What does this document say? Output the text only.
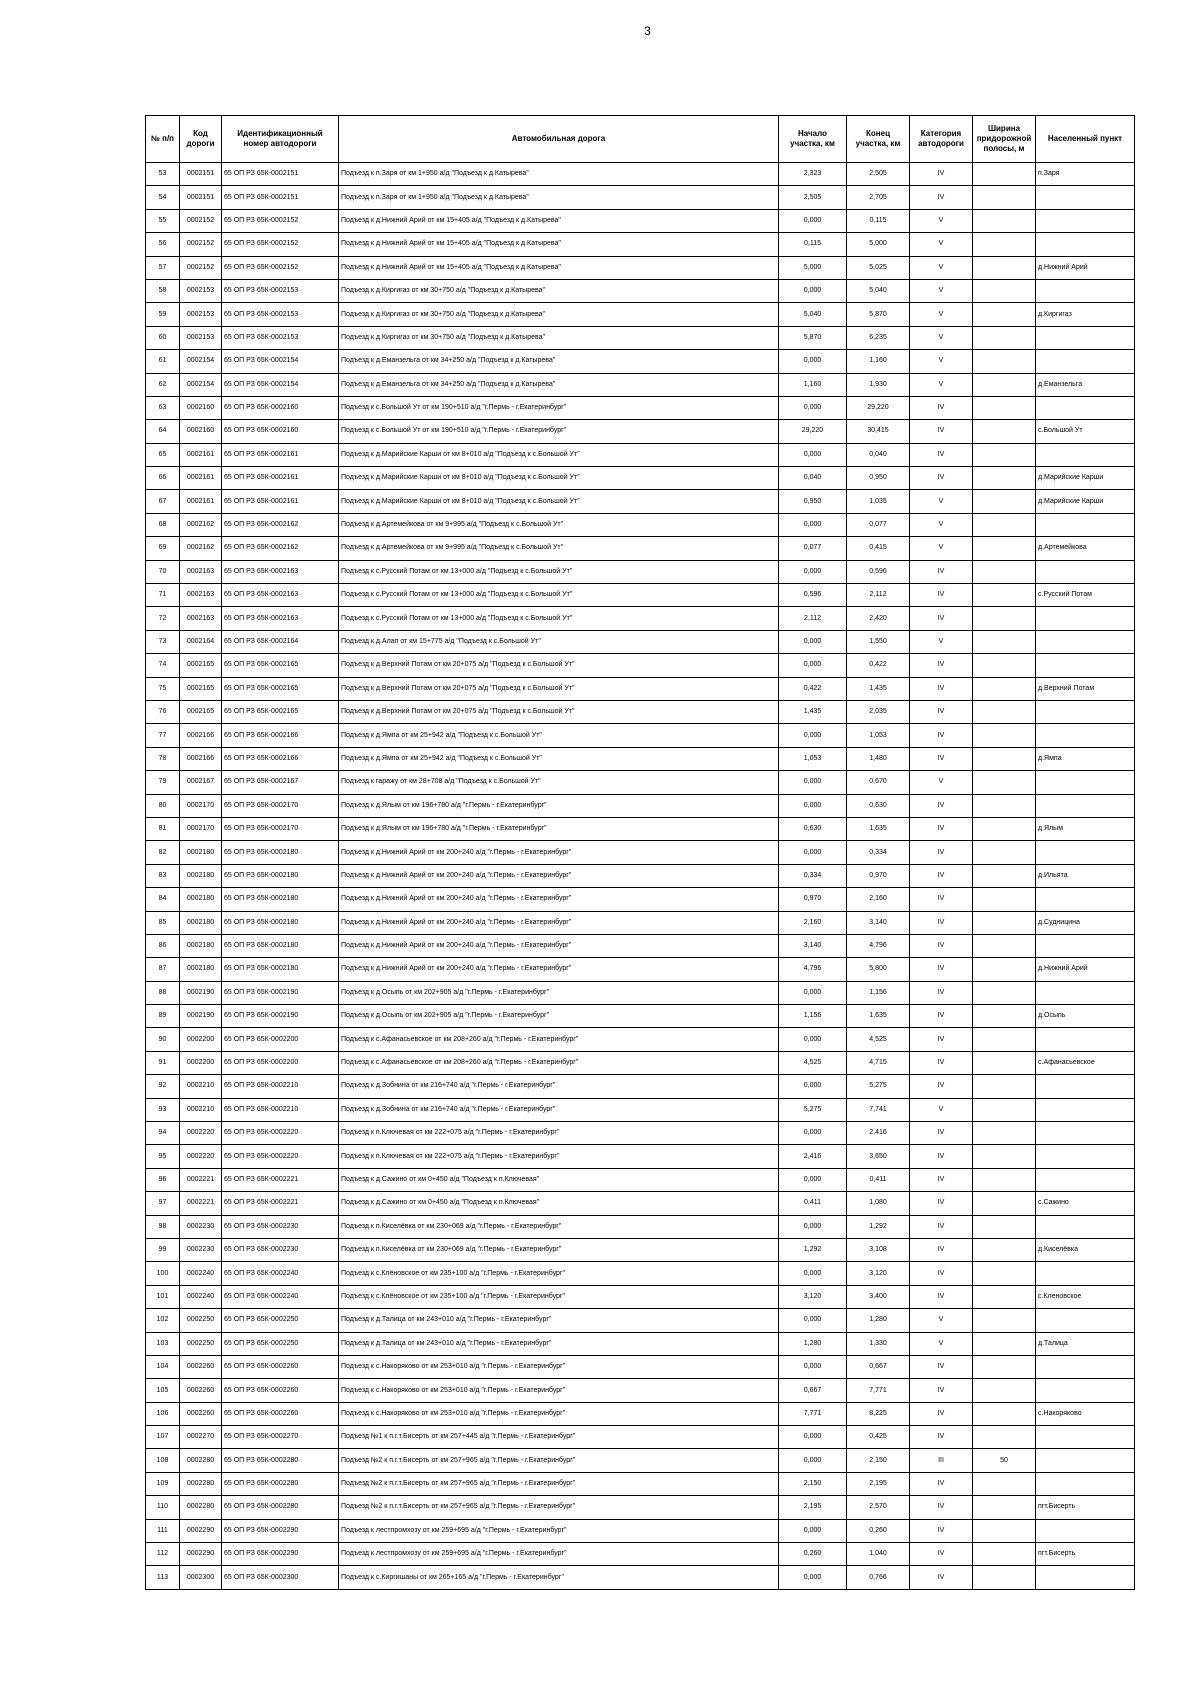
3
№ п/п	Код дороги	Идентификационный номер автодороги	Автомобильная дорога	Начало участка, км	Конец участка, км	Категория автодороги	Ширина придорожной полосы, м	Населенный пункт
53	0002151	65 ОП РЗ 65К-0002151	Подъезд к п.Заря от км 1+950 а/д "Подъезд к д.Катырева"	2,323	2,505	IV		п.Заря
54	0002151	65 ОП РЗ 65К-0002151	Подъезд к п.Заря от км 1+950 а/д "Подъезд к д.Катырева"	2,505	2,705	IV		
55	0002152	65 ОП РЗ 65К-0002152	Подъезд к д.Нижний Арий от км 15+405 а/д "Подъезд к д.Катырева"	0,000	0,115	V		
56	0002152	65 ОП РЗ 65К-0002152	Подъезд к д.Нижний Арий от км 15+405 а/д "Подъезд к д.Катырева"	0,115	5,000	V		
57	0002152	65 ОП РЗ 65К-0002152	Подъезд к д.Нижний Арий от км 15+405 а/д "Подъезд к д.Катырева"	5,000	5,025	V		д.Нижний Арий
58	0002153	65 ОП РЗ 65К-0002153	Подъезд к д.Киргигаз от км 30+750 а/д "Подъезд к д.Катырева"	0,000	5,040	V		
59	0002153	65 ОП РЗ 65К-0002153	Подъезд к д.Киргигаз от км 30+750 а/д "Подъезд к д.Катырева"	5,040	5,870	V		д.Киргигаз
60	0002153	65 ОП РЗ 65К-0002153	Подъезд к д.Киргигаз от км 30+750 а/д "Подъезд к д.Катырева"	5,870	6,235	V		
61	0002154	65 ОП РЗ 65К-0002154	Подъезд к д.Еманзельга от км 34+250 а/д "Подъезд к д.Катырева"	0,000	1,160	V		
62	0002154	65 ОП РЗ 65К-0002154	Подъезд к д.Еманзельга от км 34+250 а/д "Подъезд к д.Катырева"	1,160	1,930	V		д.Еманзельга
63	0002160	65 ОП РЗ 65К-0002160	Подъезд к с.Большой Ут от км 190+510 а/д "г.Пермь - г.Екатеринбург"	0,000	29,220	IV		
64	0002160	65 ОП РЗ 65К-0002160	Подъезд к с.Большой Ут от км 190+510 а/д "г.Пермь - г.Екатеринбург"	29,220	30,415	IV		с.Большой Ут
65	0002161	65 ОП РЗ 65К-0002161	Подъезд к д.Марийские Карши от км 8+010 а/д "Подъезд к с.Большой Ут"	0,000	0,040	IV		
66	0002161	65 ОП РЗ 65К-0002161	Подъезд к д.Марийские Карши от км 8+010 а/д "Подъезд к с.Большой Ут"	0,040	0,950	IV		д.Марийские Карши
67	0002161	65 ОП РЗ 65К-0002161	Подъезд к д.Марийские Карши от км 8+010 а/д "Подъезд к с.Большой Ут"	0,950	1,035	V		д.Марийские Карши
68	0002162	65 ОП РЗ 65К-0002162	Подъезд к д.Артемейкова от км 9+995 а/д "Подъезд к с.Большой Ут"	0,000	0,077	V		
69	0002162	65 ОП РЗ 65К-0002162	Подъезд к д.Артемейкова от км 9+995 а/д "Подъезд к с.Большой Ут"	0,077	0,415	V		д.Артемейкова
70	0002163	65 ОП РЗ 65К-0002163	Подъезд к с.Русский Потам от км 13+000 а/д "Подъезд к с.Большой Ут"	0,000	0,596	IV		
71	0002163	65 ОП РЗ 65К-0002163	Подъезд к с.Русский Потам от км 13+000 а/д "Подъезд к с.Большой Ут"	0,596	2,112	IV		с.Русский Потам
72	0002163	65 ОП РЗ 65К-0002163	Подъезд к с.Русский Потам от км 13+000 а/д "Подъезд к с.Большой Ут"	2,112	2,420	IV		
73	0002164	65 ОП РЗ 65К-0002164	Подъезд к д.Алап от км 15+775 а/д "Подъезд к с.Большой Ут"	0,000	1,550	V		
74	0002165	65 ОП РЗ 65К-0002165	Подъезд к д.Верхний Потам от км 20+075 а/д "Подъезд к с.Большой Ут"	0,000	0,422	IV		
75	0002165	65 ОП РЗ 65К-0002165	Подъезд к д.Верхний Потам от км 20+075 а/д "Подъезд к с.Большой Ут"	0,422	1,435	IV		д.Верхний Потам
76	0002165	65 ОП РЗ 65К-0002165	Подъезд к д.Верхний Потам от км 20+075 а/д "Подъезд к с.Большой Ут"	1,435	2,035	IV		
77	0002166	65 ОП РЗ 65К-0002166	Подъезд к д.Ямпа от км 25+942 а/д "Подъезд к с.Большой Ут"	0,000	1,053	IV		
78	0002166	65 ОП РЗ 65К-0002166	Подъезд к д.Ямпа от км 25+942 а/д "Подъезд к с.Большой Ут"	1,053	1,480	IV		д.Ямпа
79	0002167	65 ОП РЗ 65К-0002167	Подъезд к гаражу от км 28+708 а/д "Подъезд к с.Большой Ут"	0,000	0,670	V		
80	0002170	65 ОП РЗ 65К-0002170	Подъезд к д.Ялым от км 196+780 а/д "г.Пермь - г.Екатеринбург"	0,000	0,630	IV		
81	0002170	65 ОП РЗ 65К-0002170	Подъезд к д.Ялым от км 196+780 а/д "г.Пермь - г.Екатеринбург"	0,630	1,635	IV		д.Ялым
82	0002180	65 ОП РЗ 65К-0002180	Подъезд к д.Нижний Арий от км 200+240 а/д "г.Пермь - г.Екатеринбург"	0,000	0,334	IV		
83	0002180	65 ОП РЗ 65К-0002180	Подъезд к д.Нижний Арий от км 200+240 а/д "г.Пермь - г.Екатеринбург"	0,334	0,970	IV		д.Ильята
84	0002180	65 ОП РЗ 65К-0002180	Подъезд к д.Нижний Арий от км 200+240 а/д "г.Пермь - г.Екатеринбург"	0,970	2,160	IV		
85	0002180	65 ОП РЗ 65К-0002180	Подъезд к д.Нижний Арий от км 200+240 а/д "г.Пермь - г.Екатеринбург"	2,160	3,140	IV		д.Судницина
86	0002180	65 ОП РЗ 65К-0002180	Подъезд к д.Нижний Арий от км 200+240 а/д "г.Пермь - г.Екатеринбург"	3,140	4,796	IV		
87	0002180	65 ОП РЗ 65К-0002180	Подъезд к д.Нижний Арий от км 200+240 а/д "г.Пермь - г.Екатеринбург"	4,796	5,800	IV		д.Нижний Арий
88	0002190	65 ОП РЗ 65К-0002190	Подъезд к д.Осыпь от км 202+905 а/д "г.Пермь - г.Екатеринбург"	0,000	1,156	IV		
89	0002190	65 ОП РЗ 65К-0002190	Подъезд к д.Осыпь от км 202+905 а/д "г.Пермь - г.Екатеринбург"	1,156	1,635	IV		д.Осыпь
90	0002200	65 ОП РЗ 65К-0002200	Подъезд к с.Афанасьевское от км 208+260 а/д "г.Пермь - г.Екатеринбург"	0,000	4,525	IV		
91	0002200	65 ОП РЗ 65К-0002200	Подъезд к с.Афанасьевское от км 208+260 а/д "г.Пермь - г.Екатеринбург"	4,525	4,715	IV		с.Афанасьевское
92	0002210	65 ОП РЗ 65К-0002210	Подъезд к д.Зобнина от км 216+740 а/д "г.Пермь - г.Екатеринбург"	0,000	5,275	IV		
93	0002210	65 ОП РЗ 65К-0002210	Подъезд к д.Зобнина от км 216+740 а/д "г.Пермь - г.Екатеринбург"	5,275	7,741	V		
94	0002220	65 ОП РЗ 65К-0002220	Подъезд к п.Ключевая от км 222+075 а/д "г.Пермь - г.Екатеринбург"	0,000	2,416	IV		
95	0002220	65 ОП РЗ 65К-0002220	Подъезд к п.Ключевая от км 222+075 а/д "г.Пермь - г.Екатеринбург"	2,416	3,650	IV		
96	0002221	65 ОП РЗ 65К-0002221	Подъезд к д.Сажино от км 0+450 а/д "Подъезд к п.Ключевая"	0,000	0,411	IV		
97	0002221	65 ОП РЗ 65К-0002221	Подъезд к д.Сажино от км 0+450 а/д "Подъезд к п.Ключевая"	0,411	1,080	IV		с.Сажино
98	0002230	65 ОП РЗ 65К-0002230	Подъезд к п.Киселёвка от км 230+069 а/д "г.Пермь - г.Екатеринбург"	0,000	1,292	IV		
99	0002230	65 ОП РЗ 65К-0002230	Подъезд к п.Киселёвка от км 230+069 а/д "г.Пермь - г.Екатеринбург"	1,292	3,108	IV		д.Киселёвка
100	0002240	65 ОП РЗ 65К-0002240	Подъезд к с.Клёновское от км 235+100 а/д "г.Пермь - г.Екатеринбург"	0,000	3,120	IV		
101	0002240	65 ОП РЗ 65К-0002240	Подъезд к с.Клёновское от км 235+100 а/д "г.Пермь - г.Екатеринбург"	3,120	3,400	IV		с.Кленовское
102	0002250	65 ОП РЗ 65К-0002250	Подъезд к д.Талица от км 243+010 а/д "г.Пермь - г.Екатеринбург"	0,000	1,280	V		
103	0002250	65 ОП РЗ 65К-0002250	Подъезд к д.Талица от км 243+010 а/д "г.Пермь - г.Екатеринбург"	1,280	1,330	V		д.Талица
104	0002260	65 ОП РЗ 65К-0002260	Подъезд к с.Накоряково от км 253+010 а/д "г.Пермь - г.Екатеринбург"	0,000	0,667	IV		
105	0002260	65 ОП РЗ 65К-0002260	Подъезд к с.Накоряково от км 253+010 а/д "г.Пермь - г.Екатеринбург"	0,667	7,771	IV		
106	0002260	65 ОП РЗ 65К-0002260	Подъезд к с.Накоряково от км 253+010 а/д "г.Пермь - г.Екатеринбург"	7,771	8,225	IV		с.Накоряково
107	0002270	65 ОП РЗ 65К-0002270	Подъезд №1 к п.г.т.Бисерть от км 257+445 а/д "г.Пермь - г.Екатеринбург"	0,000	0,425	IV		
108	0002280	65 ОП РЗ 65К-0002280	Подъезд №2 к п.г.т.Бисерть от км 257+965 а/д "г.Пермь - г.Екатеринбург"	0,000	2,150	III	50	
109	0002280	65 ОП РЗ 65К-0002280	Подъезд №2 к п.г.т.Бисерть от км 257+965 а/д "г.Пермь - г.Екатеринбург"	2,150	2,195	IV		
110	0002280	65 ОП РЗ 65К-0002280	Подъезд №2 к п.г.т.Бисерть от км 257+965 а/д "г.Пермь - г.Екатеринбург"	2,195	2,570	IV		пгт.Бисерть
111	0002290	65 ОП РЗ 65К-0002290	Подъезд к лестпромхозу от км 259+695 а/д "г.Пермь - г.Екатеринбург"	0,000	0,260	IV		
112	0002290	65 ОП РЗ 65К-0002290	Подъезд к лестпромхозу от км 259+695 а/д "г.Пермь - г.Екатеринбург"	0,260	1,040	IV		пгт.Бисерть
113	0002300	65 ОП РЗ 65К-0002300	Подъезд к с.Киргишаны от км 265+165 а/д "г.Пермь - г.Екатеринбург"	0,000	0,766	IV		
